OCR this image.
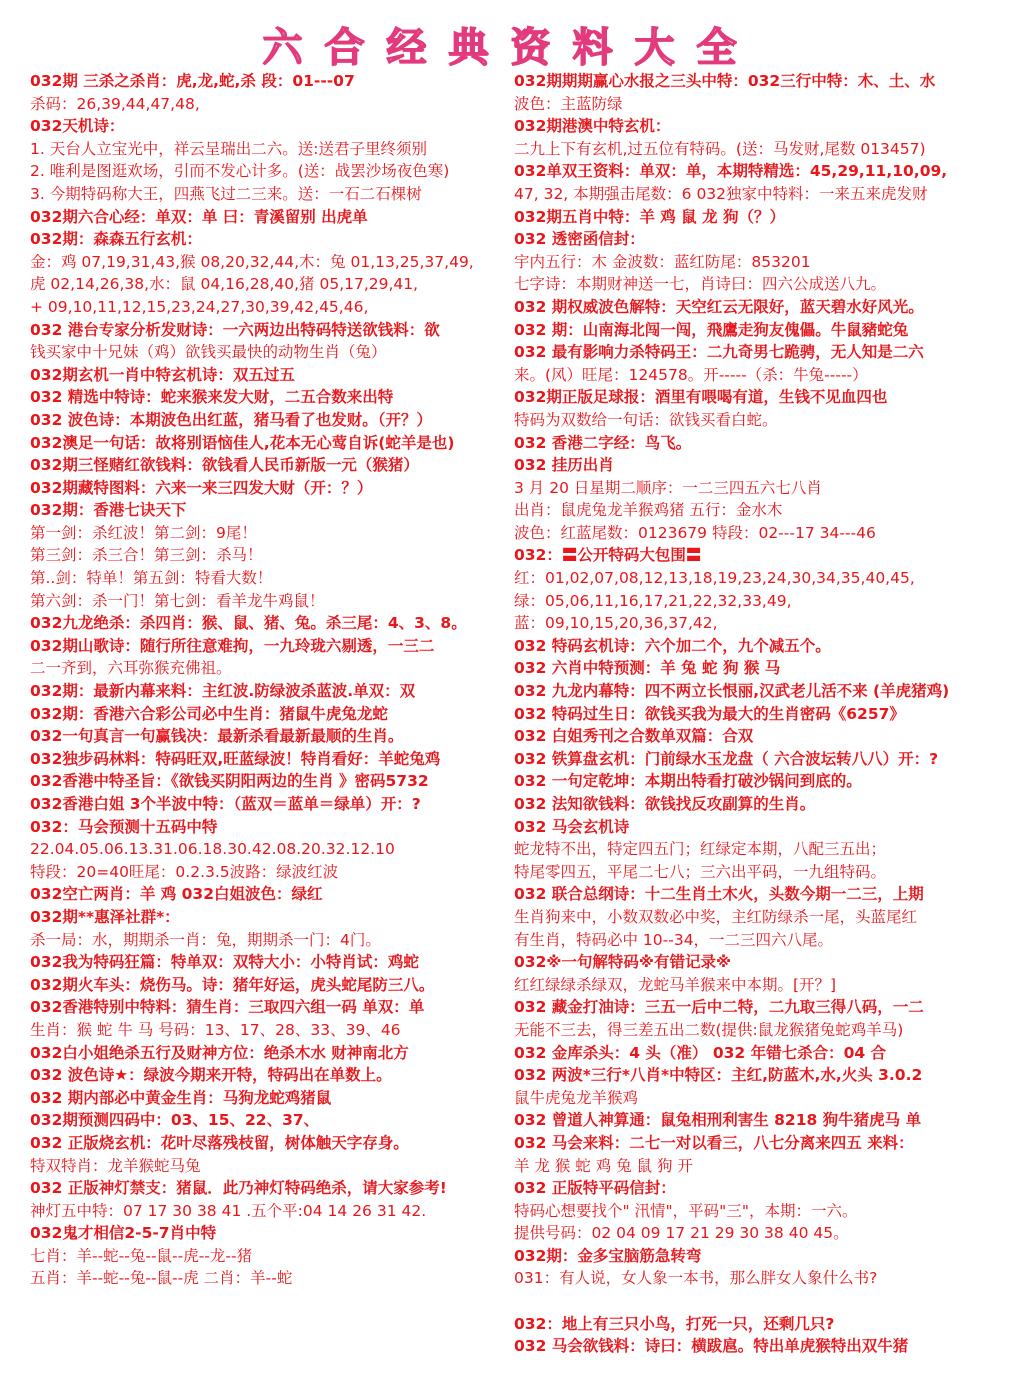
六合经典资料大全
032期 三杀之杀肖：虎,龙,蛇,杀 段：01---07
杀码：26,39,44,47,48,
032天机诗：
1. 天台人立宝光中，祥云呈瑞出二六。送:送君子里终须别
2. 唯利是图逛欢场，引而不发心计多。(送：战罢沙场夜色寒)
3. 今期特码称大王，四燕飞过二三来。送：一石二石棵树
032期六合心经：单双：单 曰：青溪留别 出虎单
032期：森森五行玄机：
金：鸡 07,19,31,43,猴 08,20,32,44,木：兔 01,13,25,37,49,
虎 02,14,26,38,水：鼠 04,16,28,40,猪 05,17,29,41,
+ 09,10,11,12,15,23,24,27,30,39,42,45,46,
032 港台专家分析发财诗：一六两边出特码特送欲钱料：欲
钱买家中十兄妹（鸡）欲钱买最快的动物生肖（兔）
032期玄机一肖中特玄机诗：双五过五
032 精选中特诗：蛇来猴来发大财，二五合数来出特
032 波色诗：本期波色出红蓝，猪马看了也发财。（开？）
032澳足一句话：故将别语恼佳人,花本无心莺自诉(蛇羊是也)
032期三怪赌红欲钱料：欲钱看人民币新版一元（猴猪）
032期藏特图料：六来一来三四发大财（开：？）
032期：香港七诀天下
第一剑：杀红波！第二剑：9尾！
第三剑：杀三合！第三剑：杀马！
第..剑：特单！第五剑：特看大数！
第六剑：杀一门！第七剑：看羊龙牛鸡鼠！
032九龙绝杀：杀四肖：猴、鼠、猪、兔。杀三尾：4、3、8。
032期山歌诗：随行所往意难拘，一九玲珑六剔透，一三二
二一齐到，六耳弥猴充佛祖。
032期：最新内幕来料：主红波.防绿波杀蓝波.单双：双
032期：香港六合彩公司必中生肖：猪鼠牛虎兔龙蛇
032一句真言一句赢钱决：最新杀看最新最顺的生肖。
032独步码林料：特码旺双,旺蓝绿波！特肖看好：羊蛇兔鸡
032香港中特圣旨：《欲钱买阴阳两边的生肖 》密码5732
032香港白姐 3个半波中特：（蓝双＝蓝单＝绿单）开：?
032：马会预测十五码中特
22.04.05.06.13.31.06.18.30.42.08.20.32.12.10
特段：20=40旺尾：0.2.3.5波路：绿波红波
032空亡两肖：羊 鸡 032白姐波色：绿红
032期**惠泽社群*：
杀一局：水，期期杀一肖：兔，期期杀一门：4门。
032我为特码狂篇：特单双：双特大小：小特肖试：鸡蛇
032期火车头：烧伤马。诗：猪年好运，虎头蛇尾防三八。
032香港特别中特料：猜生肖：三取四六组一码 单双：单
生肖：猴 蛇 牛 马 号码：13、17、28、33、39、46
032白小姐绝杀五行及财神方位：绝杀木水 财神南北方
032 波色诗★：绿波今期来开特，特码出在单数上。
032 期内部必中黄金生肖：马狗龙蛇鸡猪鼠
032期预测四码中：03、15、22、37、
032 正版烧玄机：花叶尽落残枝留，树体触天字存身。
特双特肖：龙羊猴蛇马兔
032 正版神灯禁支：猪鼠．此乃神灯特码绝杀，请大家参考!
神灯五中特：07 17 30 38 41 .五个平:04 14 26 31 42.
032鬼才相信2-5-7肖中特
七肖：羊--蛇--兔--鼠--虎--龙--猪
五肖：羊--蛇--兔--鼠--虎 二肖：羊--蛇
032期期期赢心水报之三头中特：032三行中特：木、土、水
波色：主蓝防绿
032期港澳中特玄机：
二九上下有玄机,过五位有特码。(送：马发财,尾数 013457)
032单双王资料：单双：单，本期特精选：45,29,11,10,09,
47, 32, 本期强击尾数：6 032独家中特料：一来五来虎发财
032期五肖中特：羊 鸡 鼠 龙 狗（？）
032 透密函信封：
宇内五行：木 金波数：蓝红防尾：853201
七字诗：本期财神送一七，肖诗曰：四六公成送八九。
032 期权威波色解特：天空红云无限好，蓝天碧水好风光。
032 期：山南海北闯一闯，飛鷹走狗友傀儡。牛鼠豬蛇兔
032 最有影响力杀特码王：二九奇男七跪骋，无人知是二六
来。(风）旺尾：124578。开-----（杀：牛兔-----）
032期正版足球报：酒里有喂喝有道，生钱不见血四也
特码为双数给一句话：欲钱买看白蛇。
032 香港二字经：鸟飞。
032 挂历出肖
3 月 20 日星期二顺序：一二三四五六七八肖
出肖：鼠虎兔龙羊猴鸡猪 五行：金水木
波色：红蓝尾数：0123679 特段：02---17 34---46
032：〓公开特码大包围〓
红：01,02,07,08,12,13,18,19,23,24,30,34,35,40,45,
绿：05,06,11,16,17,21,22,32,33,49,
蓝：09,10,15,20,36,37,42,
032 特码玄机诗：六个加二个，九个减五个。
032 六肖中特预测：羊 兔 蛇 狗 猴 马
032 九龙内幕特：四不两立长恨丽,汉武老儿活不来 (羊虎猪鸡)
032 特码过生日：欲钱买我为最大的生肖密码《6257》
032 白姐秀刊之合数单双篇：合双
032 铁算盘玄机：门前绿水玉龙盘（ 六合波坛转八八）开：?
032 一句定乾坤：本期出特看打破沙锅问到底的。
032 法知欲钱料：欲钱找反攻副算的生肖。
032 马会玄机诗
蛇龙特不出，特定四五门；红绿定本期，八配三五出；
特尾零四五，平尾二七八；三六出平码，一九组特码。
032 联合总纲诗：十二生肖土木火，头数今期一二三，上期
生肖狗来中，小数双数必中奖，主红防绿杀一尾，头蓝尾红
有生肖，特码必中 10--34，一二三四六八尾。
032※一句解特码※有错记录※
红红绿绿杀绿双，龙蛇马羊猴来中本期。[开？]
032 藏金打油诗：三五一后中二特，二九取三得八码，一二
无能不三去，得三差五出二数(提供:鼠龙猴猪兔蛇鸡羊马)
032 金库杀头：4 头（准） 032 年错七杀合：04 合
032 两波*三行*八肖*中特区：主红,防蓝木,水,火头 3.0.2
鼠牛虎兔龙羊猴鸡
032 曾道人神算通：鼠兔相刑利害生 8218 狗牛猪虎马 单
032 马会来料：二七一对以看三，八七分离来四五 来料：
羊 龙 猴 蛇 鸡 兔 鼠 狗 开
032 正版特平码信封：
特码心想要找个" 汛情"，平码"三"，本期：一六。
提供号码：02 04 09 17 21 29 30 38 40 45。
032期：金多宝脑筋急转弯
031：有人说，女人象一本书，那么胖女人象什么书?
032：地上有三只小鸟，打死一只，还剩几只?
032 马会欲钱料：诗曰：横跋扈。特出单虎猴特出双牛猪
